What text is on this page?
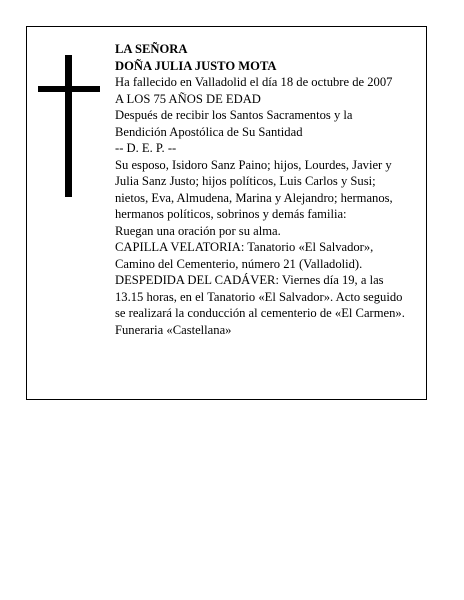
LA SEÑORA
DOÑA JULIA JUSTO MOTA
Ha fallecido en Valladolid el día 18 de octubre de 2007
A LOS 75 AÑOS DE EDAD
Después de recibir los Santos Sacramentos y la
Bendición Apostólica de Su Santidad
-- D. E. P. --
Su esposo, Isidoro Sanz Paino; hijos, Lourdes, Javier y
Julia Sanz Justo; hijos políticos, Luis Carlos y Susi;
nietos, Eva, Almudena, Marina y Alejandro; hermanos,
hermanos políticos, sobrinos y demás familia:
Ruegan una oración por su alma.
CAPILLA VELATORIA: Tanatorio «El Salvador»,
Camino del Cementerio, número 21 (Valladolid).
DESPEDIDA DEL CADÁVER: Viernes día 19, a las
13.15 horas, en el Tanatorio «El Salvador». Acto seguido
se realizará la conducción al cementerio de «El Carmen».
Funeraria «Castellana»
